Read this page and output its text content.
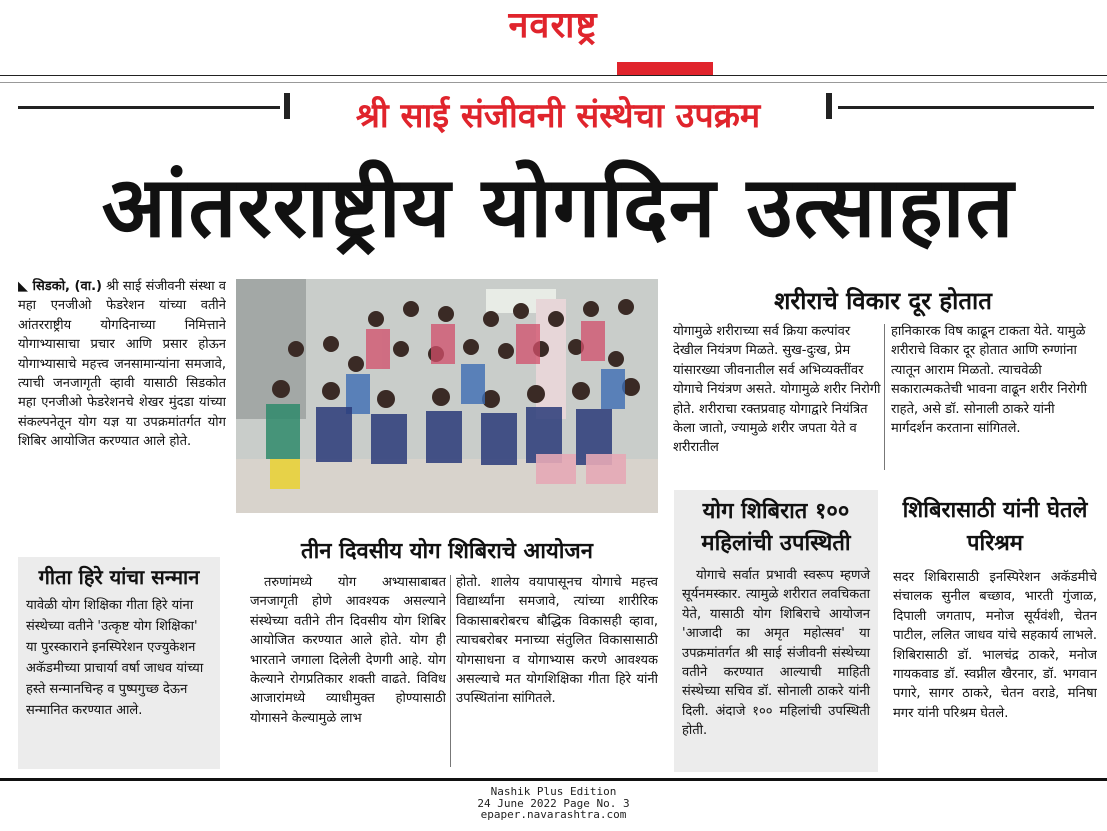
नवराष्ट्र
श्री साई संजीवनी संस्थेचा उपक्रम
आंतरराष्ट्रीय योगदिन उत्साहात

◣ सिडको, (वा.) श्री साई संजीवनी संस्था व महा एनजीओ फेडरेशन यांच्या वतीने आंतरराष्ट्रीय योगदिनाच्या निमित्ताने योगाभ्यासाचा प्रचार आणि प्रसार होऊन योगाभ्यासाचे महत्त्व जनसामान्यांना समजावे, त्याची जनजागृती व्हावी यासाठी सिडकोत महा एनजीओ फेडरेशनचे शेखर मुंदडा यांच्या संकल्पनेतून योग यज्ञ या उपक्रमांतर्गत योग शिबिर आयोजित करण्यात आले होते.

गीता हिरे यांचा सन्मान

यावेळी योग शिक्षिका गीता हिरे यांना संस्थेच्या वतीने 'उत्कृष्ट योग शिक्षिका' या पुरस्काराने इनस्पिरेशन एज्युकेशन अकॅडमीच्या प्राचार्या वर्षा जाधव यांच्या हस्ते सन्मानचिन्ह व पुष्पगुच्छ देऊन सन्मानित करण्यात आले.

तीन दिवसीय योग शिबिराचे आयोजन

तरुणांमध्ये योग अभ्यासाबाबत जनजागृती होणे आवश्यक असल्याने संस्थेच्या वतीने तीन दिवसीय योग शिबिर आयोजित करण्यात आले होते. योग ही भारताने जगाला दिलेली देणगी आहे. योग केल्याने रोगप्रतिकार शक्ती वाढते. विविध आजारांमध्ये व्याधीमुक्त होण्यासाठी योगासने केल्यामुळे लाभ

होतो. शालेय वयापासूनच योगाचे महत्त्व विद्यार्थ्यांना समजावे, त्यांच्या शारीरिक विकासाबरोबरच बौद्धिक विकासही व्हावा, त्याचबरोबर मनाच्या संतुलित विकासासाठी योगसाधना व योगाभ्यास करणे आवश्यक असल्याचे मत योगशिक्षिका गीता हिरे यांनी उपस्थितांना सांगितले.

शरीराचे विकार दूर होतात

योगामुळे शरीराच्या सर्व क्रिया कल्पांवर देखील नियंत्रण मिळते. सुख-दुःख, प्रेम यांसारख्या जीवनातील सर्व अभिव्यक्तींवर योगाचे नियंत्रण असते. योगामुळे शरीर निरोगी होते. शरीराचा रक्तप्रवाह योगाद्वारे नियंत्रित केला जातो, ज्यामुळे शरीर जपता येते व शरीरातील

हानिकारक विष काढून टाकता येते. यामुळे शरीराचे विकार दूर होतात आणि रुग्णांना त्यातून आराम मिळतो. त्याचवेळी सकारात्मकतेची भावना वाढून शरीर निरोगी राहते, असे डॉ. सोनाली ठाकरे यांनी मार्गदर्शन करताना सांगितले.

योग शिबिरात १०० महिलांची उपस्थिती

योगाचे सर्वात प्रभावी स्वरूप म्हणजे सूर्यनमस्कार. त्यामुळे शरीरात लवचिकता येते, यासाठी योग शिबिराचे आयोजन 'आजादी का अमृत महोत्सव' या उपक्रमांतर्गत श्री साई संजीवनी संस्थेच्या वतीने करण्यात आल्याची माहिती संस्थेच्या सचिव डॉ. सोनाली ठाकरे यांनी दिली. अंदाजे १०० महिलांची उपस्थिती होती.

शिबिरासाठी यांनी घेतले परिश्रम

सदर शिबिरासाठी इनस्पिरेशन अकॅडमीचे संचालक सुनील बच्छाव, भारती गुंजाळ, दिपाली जगताप, मनोज सूर्यवंशी, चेतन पाटील, ललित जाधव यांचे सहकार्य लाभले. शिबिरासाठी डॉ. भालचंद्र ठाकरे, मनोज गायकवाड डॉ. स्वप्नील खैरनार, डॉ. भगवान पगारे, सागर ठाकरे, चेतन वराडे, मनिषा मगर यांनी परिश्रम घेतले.

Nashik Plus Edition
24 June 2022 Page No. 3
epaper.navarashtra.com
